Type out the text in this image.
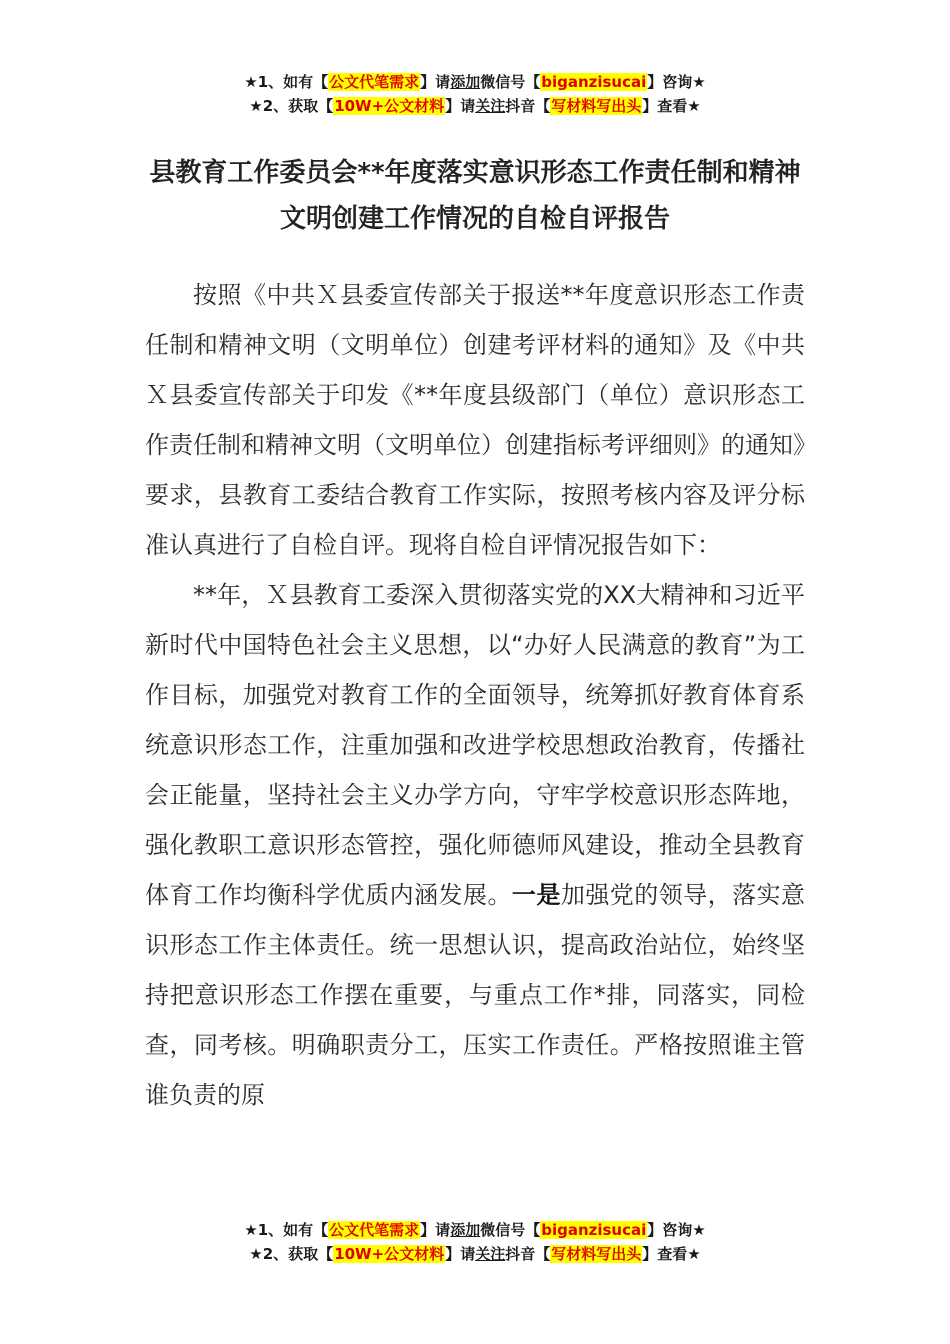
★1、如有【公文代笔需求】请添加微信号【biganzisucai】咨询★
★2、获取【10W+公文材料】请关注抖音【写材料写出头】查看★
县教育工作委员会**年度落实意识形态工作责任制和精神
文明创建工作情况的自检自评报告

按照《中共Ｘ县委宣传部关于报送**年度意识形态工作责任制和精神文明（文明单位）创建考评材料的通知》及《中共Ｘ县委宣传部关于印发《**年度县级部门（单位）意识形态工作责任制和精神文明（文明单位）创建指标考评细则》的通知》要求，县教育工委结合教育工作实际，按照考核内容及评分标准认真进行了自检自评。现将自检自评情况报告如下：

**年，Ｘ县教育工委深入贯彻落实党的XX大精神和习近平新时代中国特色社会主义思想，以“办好人民满意的教育”为工作目标，加强党对教育工作的全面领导，统筹抓好教育体育系统意识形态工作，注重加强和改进学校思想政治教育，传播社会正能量，坚持社会主义办学方向，守牢学校意识形态阵地，强化教职工意识形态管控，强化师德师风建设，推动全县教育体育工作均衡科学优质内涵发展。一是加强党的领导，落实意识形态工作主体责任。统一思想认识，提高政治站位，始终坚持把意识形态工作摆在重要，与重点工作*排，同落实，同检查，同考核。明确职责分工，压实工作责任。严格按照谁主管谁负责的原

★1、如有【公文代笔需求】请添加微信号【biganzisucai】咨询★
★2、获取【10W+公文材料】请关注抖音【写材料写出头】查看★
